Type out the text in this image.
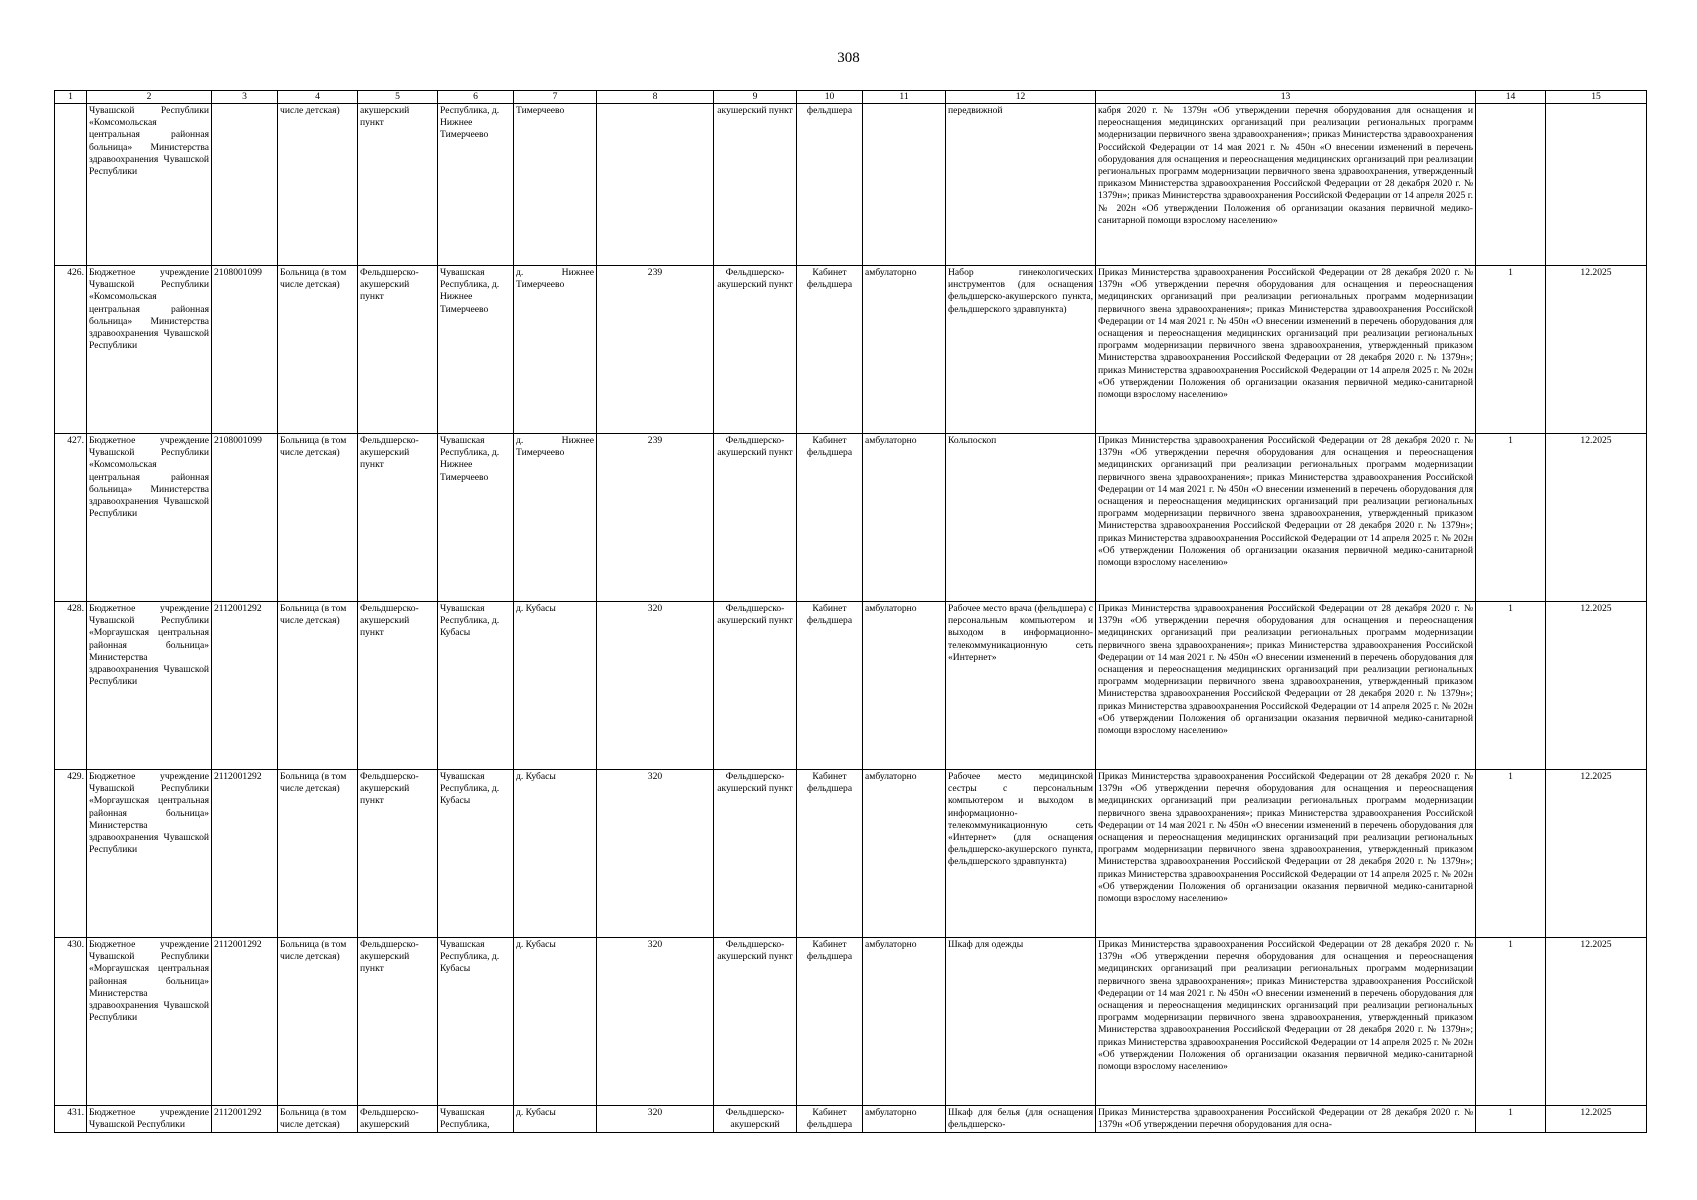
308
1	2	3	4	5	6	7	8	9	10	11	12	13	14	15
	Чувашской Республики «Комсомольская центральная районная больница» Министерства здравоохранения Чувашской Республики		числе детская)	акушерский пункт	Республика, д. Нижнее Тимерчеево	Тимерчеево		акушерский пункт	фельдшера		передвижной	кабря 2020 г. № 1379н «Об утверждении перечня оборудования для оснащения и переоснащения медицинских организаций при реализации региональных программ модернизации первичного звена здравоохранения»; приказ Министерства здравоохранения Российской Федерации от 14 мая 2021 г. № 450н «О внесении изменений в перечень оборудования для оснащения и переоснащения медицинских организаций при реализации региональных программ модернизации первичного звена здравоохранения, утвержденный приказом Министерства здравоохранения Российской Федерации от 28 декабря 2020 г. № 1379н»; приказ Министерства здравоохранения Российской Федерации от 14 апреля 2025 г. № 202н «Об утверждении Положения об организации оказания первичной медико-санитарной помощи взрослому населению»		
426.	Бюджетное учреждение Чувашской Республики «Комсомольская центральная районная больница» Министерства здравоохранения Чувашской Республики	2108001099	Больница (в том числе детская)	Фельдшерско-акушерский пункт	Чувашская Республика, д. Нижнее Тимерчеево	д. Нижнее Тимерчеево	239	Фельдшерско-акушерский пункт	Кабинет фельдшера	амбулаторно	Набор гинекологических инструментов (для оснащения фельдшерско-акушерского пункта, фельдшерского здравпункта)	Приказ Министерства здравоохранения Российской Федерации от 28 декабря 2020 г. № 1379н «Об утверждении перечня оборудования для оснащения и переоснащения медицинских организаций при реализации региональных программ модернизации первичного звена здравоохранения»; приказ Министерства здравоохранения Российской Федерации от 14 мая 2021 г. № 450н «О внесении изменений в перечень оборудования для оснащения и переоснащения медицинских организаций при реализации региональных программ модернизации первичного звена здравоохранения, утвержденный приказом Министерства здравоохранения Российской Федерации от 28 декабря 2020 г. № 1379н»; приказ Министерства здравоохранения Российской Федерации от 14 апреля 2025 г. № 202н «Об утверждении Положения об организации оказания первичной медико-санитарной помощи взрослому населению»	1	12.2025
427.	Бюджетное учреждение Чувашской Республики «Комсомольская центральная районная больница» Министерства здравоохранения Чувашской Республики	2108001099	Больница (в том числе детская)	Фельдшерско-акушерский пункт	Чувашская Республика, д. Нижнее Тимерчеево	д. Нижнее Тимерчеево	239	Фельдшерско-акушерский пункт	Кабинет фельдшера	амбулаторно	Кольпоскоп	Приказ Министерства здравоохранения Российской Федерации от 28 декабря 2020 г. № 1379н «Об утверждении перечня оборудования для оснащения и переоснащения медицинских организаций при реализации региональных программ модернизации первичного звена здравоохранения»; приказ Министерства здравоохранения Российской Федерации от 14 мая 2021 г. № 450н «О внесении изменений в перечень оборудования для оснащения и переоснащения медицинских организаций при реализации региональных программ модернизации первичного звена здравоохранения, утвержденный приказом Министерства здравоохранения Российской Федерации от 28 декабря 2020 г. № 1379н»; приказ Министерства здравоохранения Российской Федерации от 14 апреля 2025 г. № 202н «Об утверждении Положения об организации оказания первичной медико-санитарной помощи взрослому населению»	1	12.2025
428.	Бюджетное учреждение Чувашской Республики «Моргаушская центральная районная больница» Министерства здравоохранения Чувашской Республики	2112001292	Больница (в том числе детская)	Фельдшерско-акушерский пункт	Чувашская Республика, д. Кубасы	д. Кубасы	320	Фельдшерско-акушерский пункт	Кабинет фельдшера	амбулаторно	Рабочее место врача (фельдшера) с персональным компьютером и выходом в информационно-телекоммуникационную сеть «Интернет»	Приказ Министерства здравоохранения Российской Федерации от 28 декабря 2020 г. № 1379н «Об утверждении перечня оборудования для оснащения и переоснащения медицинских организаций при реализации региональных программ модернизации первичного звена здравоохранения»; приказ Министерства здравоохранения Российской Федерации от 14 мая 2021 г. № 450н «О внесении изменений в перечень оборудования для оснащения и переоснащения медицинских организаций при реализации региональных программ модернизации первичного звена здравоохранения, утвержденный приказом Министерства здравоохранения Российской Федерации от 28 декабря 2020 г. № 1379н»; приказ Министерства здравоохранения Российской Федерации от 14 апреля 2025 г. № 202н «Об утверждении Положения об организации оказания первичной медико-санитарной помощи взрослому населению»	1	12.2025
429.	Бюджетное учреждение Чувашской Республики «Моргаушская центральная районная больница» Министерства здравоохранения Чувашской Республики	2112001292	Больница (в том числе детская)	Фельдшерско-акушерский пункт	Чувашская Республика, д. Кубасы	д. Кубасы	320	Фельдшерско-акушерский пункт	Кабинет фельдшера	амбулаторно	Рабочее место медицинской сестры с персональным компьютером и выходом в информационно-телекоммуникационную сеть «Интернет» (для оснащения фельдшерско-акушерского пункта, фельдшерского здравпункта)	Приказ Министерства здравоохранения Российской Федерации от 28 декабря 2020 г. № 1379н «Об утверждении перечня оборудования для оснащения и переоснащения медицинских организаций при реализации региональных программ модернизации первичного звена здравоохранения»; приказ Министерства здравоохранения Российской Федерации от 14 мая 2021 г. № 450н «О внесении изменений в перечень оборудования для оснащения и переоснащения медицинских организаций при реализации региональных программ модернизации первичного звена здравоохранения, утвержденный приказом Министерства здравоохранения Российской Федерации от 28 декабря 2020 г. № 1379н»; приказ Министерства здравоохранения Российской Федерации от 14 апреля 2025 г. № 202н «Об утверждении Положения об организации оказания первичной медико-санитарной помощи взрослому населению»	1	12.2025
430.	Бюджетное учреждение Чувашской Республики «Моргаушская центральная районная больница» Министерства здравоохранения Чувашской Республики	2112001292	Больница (в том числе детская)	Фельдшерско-акушерский пункт	Чувашская Республика, д. Кубасы	д. Кубасы	320	Фельдшерско-акушерский пункт	Кабинет фельдшера	амбулаторно	Шкаф для одежды	Приказ Министерства здравоохранения Российской Федерации от 28 декабря 2020 г. № 1379н «Об утверждении перечня оборудования для оснащения и переоснащения медицинских организаций при реализации региональных программ модернизации первичного звена здравоохранения»; приказ Министерства здравоохранения Российской Федерации от 14 мая 2021 г. № 450н «О внесении изменений в перечень оборудования для оснащения и переоснащения медицинских организаций при реализации региональных программ модернизации первичного звена здравоохранения, утвержденный приказом Министерства здравоохранения Российской Федерации от 28 декабря 2020 г. № 1379н»; приказ Министерства здравоохранения Российской Федерации от 14 апреля 2025 г. № 202н «Об утверждении Положения об организации оказания первичной медико-санитарной помощи взрослому населению»	1	12.2025
431.	Бюджетное учреждение Чувашской Республики	2112001292	Больница (в том числе детская)	Фельдшерско-акушерский	Чувашская Республика,	д. Кубасы	320	Фельдшерско-акушерский	Кабинет фельдшера	амбулаторно	Шкаф для белья (для оснащения фельдшерско-	Приказ Министерства здравоохранения Российской Федерации от 28 декабря 2020 г. № 1379н «Об утверждении перечня оборудования для осна-	1	12.2025
